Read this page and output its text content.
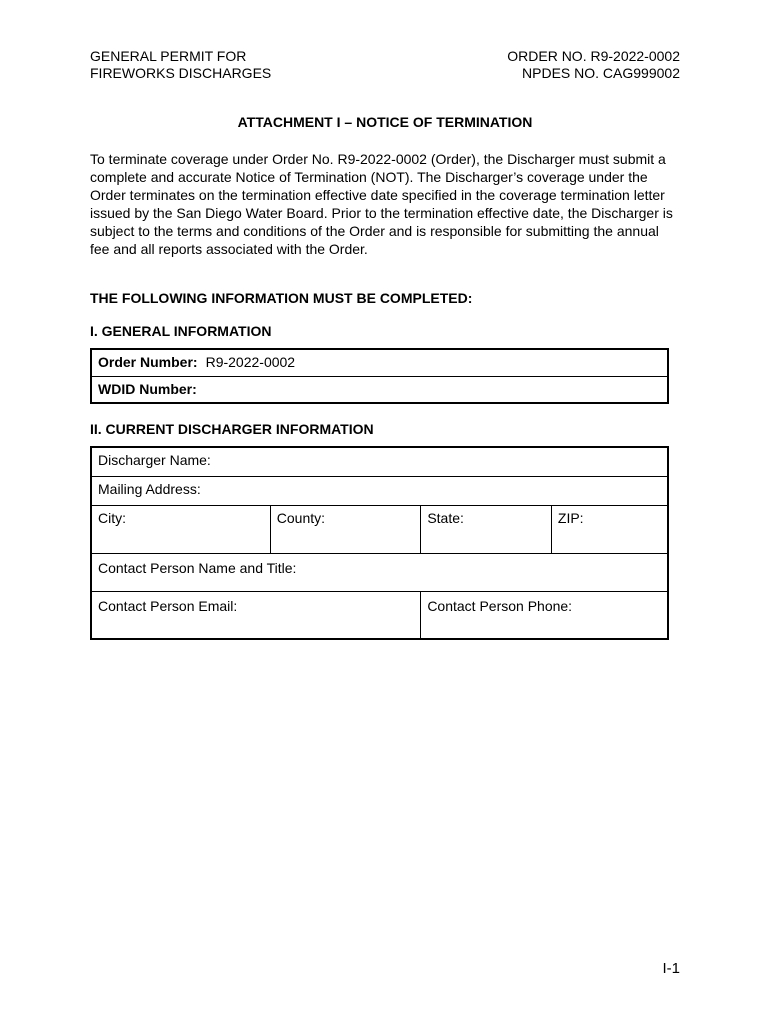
GENERAL PERMIT FOR
FIREWORKS DISCHARGES
ORDER NO. R9-2022-0002
NPDES NO. CAG999002
ATTACHMENT I – NOTICE OF TERMINATION

To terminate coverage under Order No. R9-2022-0002 (Order), the Discharger must submit a complete and accurate Notice of Termination (NOT). The Discharger’s coverage under the Order terminates on the termination effective date specified in the coverage termination letter issued by the San Diego Water Board. Prior to the termination effective date, the Discharger is subject to the terms and conditions of the Order and is responsible for submitting the annual fee and all reports associated with the Order.

THE FOLLOWING INFORMATION MUST BE COMPLETED:
I. GENERAL INFORMATION
Order Number: R9-2022-0002
WDID Number:
II. CURRENT DISCHARGER INFORMATION
Discharger Name:			
Mailing Address:			
City:	County:	State:	ZIP:
Contact Person Name and Title:			
Contact Person Email:		Contact Person Phone:	
I-1
